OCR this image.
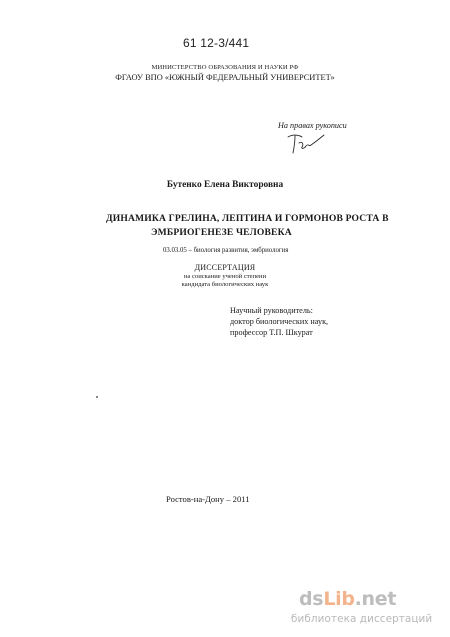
61 12-3/441
МИНИСТЕРСТВО ОБРАЗОВАНИЯ И НАУКИ РФ
ФГАОУ ВПО «ЮЖНЫЙ ФЕДЕРАЛЬНЫЙ УНИВЕРСИТЕТ»
На правах рукописи
Бутенко Елена Викторовна
ДИНАМИКА ГРЕЛИНА, ЛЕПТИНА И ГОРМОНОВ РОСТА В
ЭМБРИОГЕНЕЗЕ ЧЕЛОВЕКА
03.03.05 – биология развития, эмбриология
ДИССЕРТАЦИЯ
на соискание ученой степени
кандидата биологических наук
Научный руководитель:
доктор биологических наук,
профессор Т.П. Шкурат
Ростов-на-Дону – 2011
dsLib.net
библиотека диссертаций
